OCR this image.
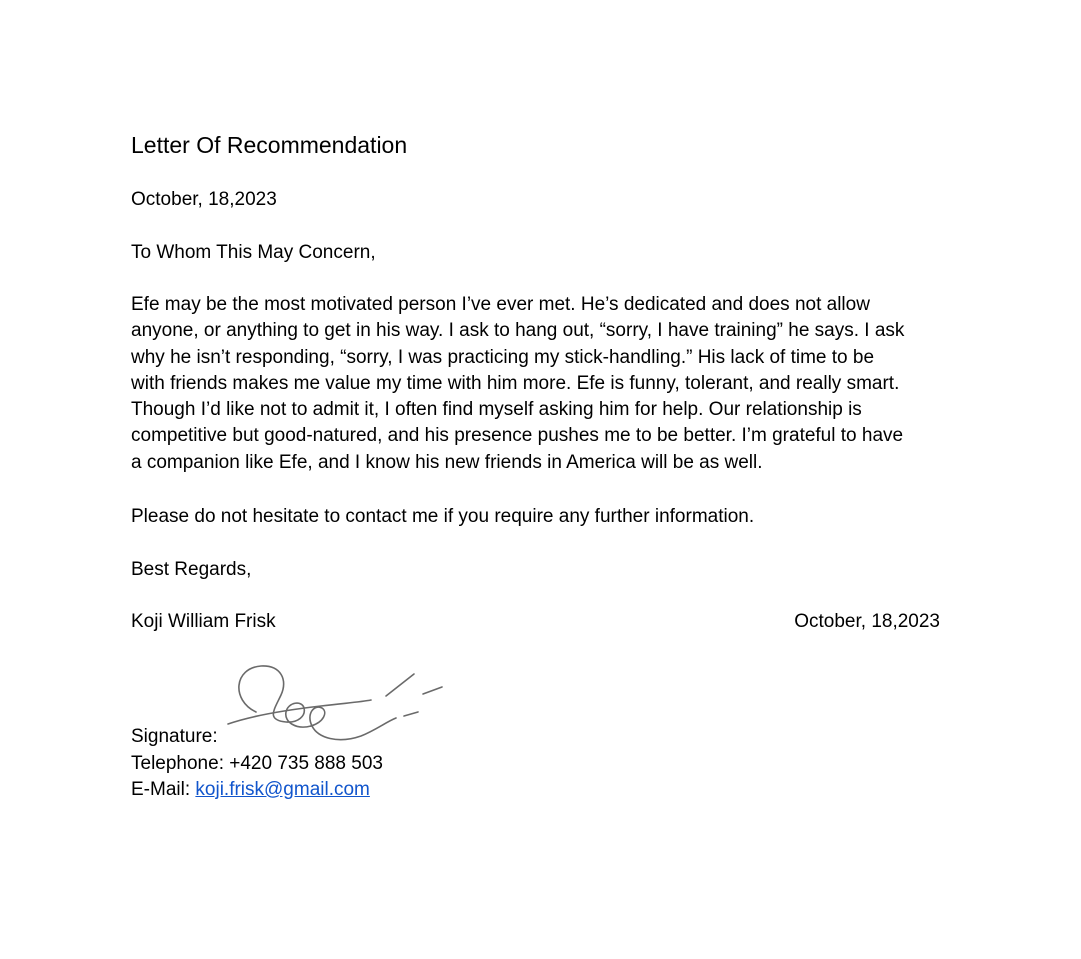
Letter Of Recommendation
October, 18,2023
To Whom This May Concern,
Efe may be the most motivated person I’ve ever met. He’s dedicated and does not allow
anyone, or anything to get in his way. I ask to hang out, “sorry, I have training” he says. I ask
why he isn’t responding, “sorry, I was practicing my stick-handling.” His lack of time to be
with friends makes me value my time with him more. Efe is funny, tolerant, and really smart.
Though I’d like not to admit it, I often find myself asking him for help. Our relationship is
competitive but good-natured, and his presence pushes me to be better. I’m grateful to have
a companion like Efe, and I know his new friends in America will be as well.
Please do not hesitate to contact me if you require any further information.
Best Regards,
Koji William Frisk	October, 18,2023
Signature:
Telephone: +420 735 888 503
E-Mail: koji.frisk@gmail.com
